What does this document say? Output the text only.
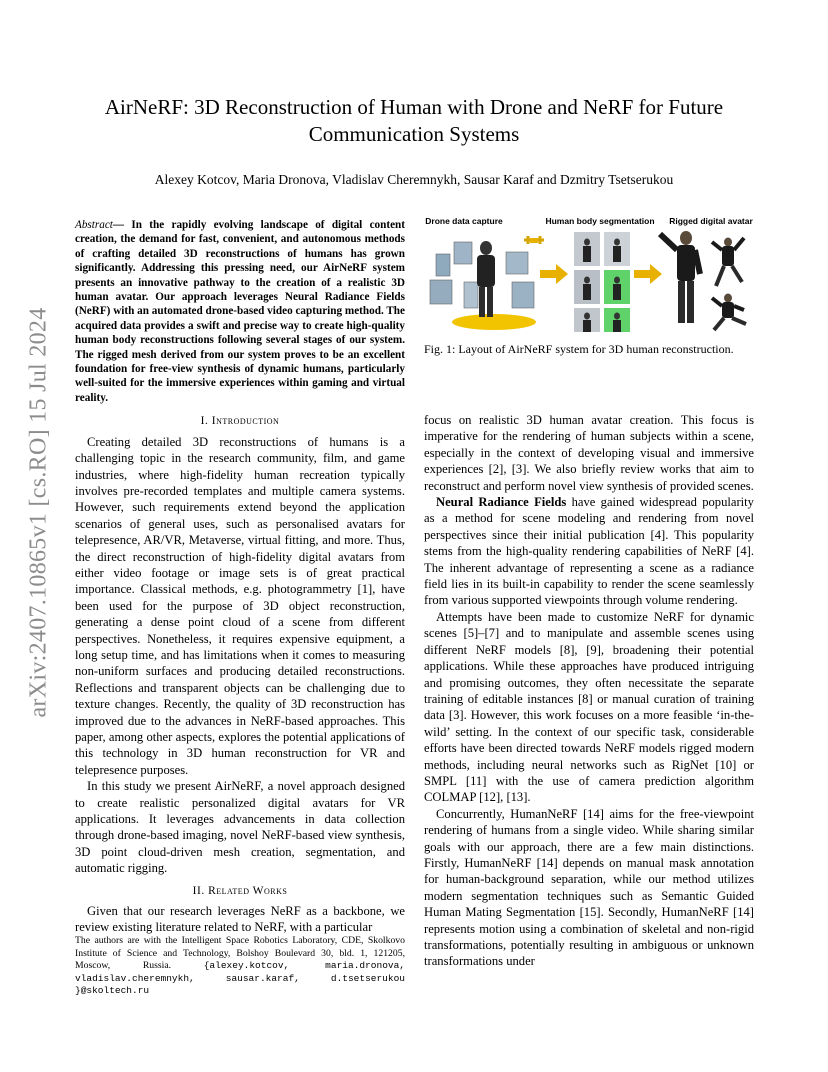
arXiv:2407.10865v1 [cs.RO] 15 Jul 2024
AirNeRF: 3D Reconstruction of Human with Drone and NeRF for Future Communication Systems
Alexey Kotcov, Maria Dronova, Vladislav Cheremnykh, Sausar Karaf and Dzmitry Tsetserukou

Abstract— In the rapidly evolving landscape of digital content creation, the demand for fast, convenient, and autonomous methods of crafting detailed 3D reconstructions of humans has grown significantly. Addressing this pressing need, our AirNeRF system presents an innovative pathway to the creation of a realistic 3D human avatar. Our approach leverages Neural Radiance Fields (NeRF) with an automated drone-based video capturing method. The acquired data provides a swift and precise way to create high-quality human body reconstructions following several stages of our system. The rigged mesh derived from our system proves to be an excellent foundation for free-view synthesis of dynamic humans, particularly well-suited for the immersive experiences within gaming and virtual reality.

I. Introduction

Creating detailed 3D reconstructions of humans is a challenging topic in the research community, film, and game industries, where high-fidelity human recreation typically involves pre-recorded templates and multiple camera systems. However, such requirements extend beyond the application scenarios of general uses, such as personalised avatars for telepresence, AR/VR, Metaverse, virtual fitting, and more. Thus, the direct reconstruction of high-fidelity digital avatars from either video footage or image sets is of great practical importance. Classical methods, e.g. photogrammetry [1], have been used for the purpose of 3D object reconstruction, generating a dense point cloud of a scene from different perspectives. Nonetheless, it requires expensive equipment, a long setup time, and has limitations when it comes to measuring non-uniform surfaces and producing detailed reconstructions. Reflections and transparent objects can be challenging due to texture changes. Recently, the quality of 3D reconstruction has improved due to the advances in NeRF-based approaches. This paper, among other aspects, explores the potential applications of this technology in 3D human reconstruction for VR and telepresence purposes.

In this study we present AirNeRF, a novel approach designed to create realistic personalized digital avatars for VR applications. It leverages advancements in data collection through drone-based imaging, novel NeRF-based view synthesis, 3D point cloud-driven mesh creation, segmentation, and automatic rigging.

II. Related Works

Given that our research leverages NeRF as a backbone, we review existing literature related to NeRF, with a particular

The authors are with the Intelligent Space Robotics Laboratory, CDE, Skolkovo Institute of Science and Technology, Bolshoy Boulevard 30, bld. 1, 121205, Moscow, Russia.	{alexey.kotcov, maria.dronova, vladislav.cheremnykh, sausar.karaf, d.tsetserukou }@skoltech.ru
Drone data capture	Human body segmentation Rigged digital avatar
Fig. 1: Layout of AirNeRF system for 3D human reconstruction.

focus on realistic 3D human avatar creation. This focus is imperative for the rendering of human subjects within a scene, especially in the context of developing visual and immersive experiences [2], [3]. We also briefly review works that aim to reconstruct and perform novel view synthesis of provided scenes.

Neural Radiance Fields have gained widespread popularity as a method for scene modeling and rendering from novel perspectives since their initial publication [4]. This popularity stems from the high-quality rendering capabilities of NeRF [4]. The inherent advantage of representing a scene as a radiance field lies in its built-in capability to render the scene seamlessly from various supported viewpoints through volume rendering.

Attempts have been made to customize NeRF for dynamic scenes [5]–[7] and to manipulate and assemble scenes using different NeRF models [8], [9], broadening their potential applications. While these approaches have produced intriguing and promising outcomes, they often necessitate the separate training of editable instances [8] or manual curation of training data [3]. However, this work focuses on a more feasible ‘in-the-wild’ setting. In the context of our specific task, considerable efforts have been directed towards NeRF models rigged modern methods, including neural networks such as RigNet [10] or SMPL [11] with the use of camera prediction algorithm COLMAP [12], [13].

Concurrently, HumanNeRF [14] aims for the free-viewpoint rendering of humans from a single video. While sharing similar goals with our approach, there are a few main distinctions. Firstly, HumanNeRF [14] depends on manual mask annotation for human-background separation, while our method utilizes modern segmentation techniques such as Semantic Guided Human Mating Segmentation [15]. Secondly, HumanNeRF [14] represents motion using a combination of skeletal and non-rigid transformations, potentially resulting in ambiguous or unknown transformations under
